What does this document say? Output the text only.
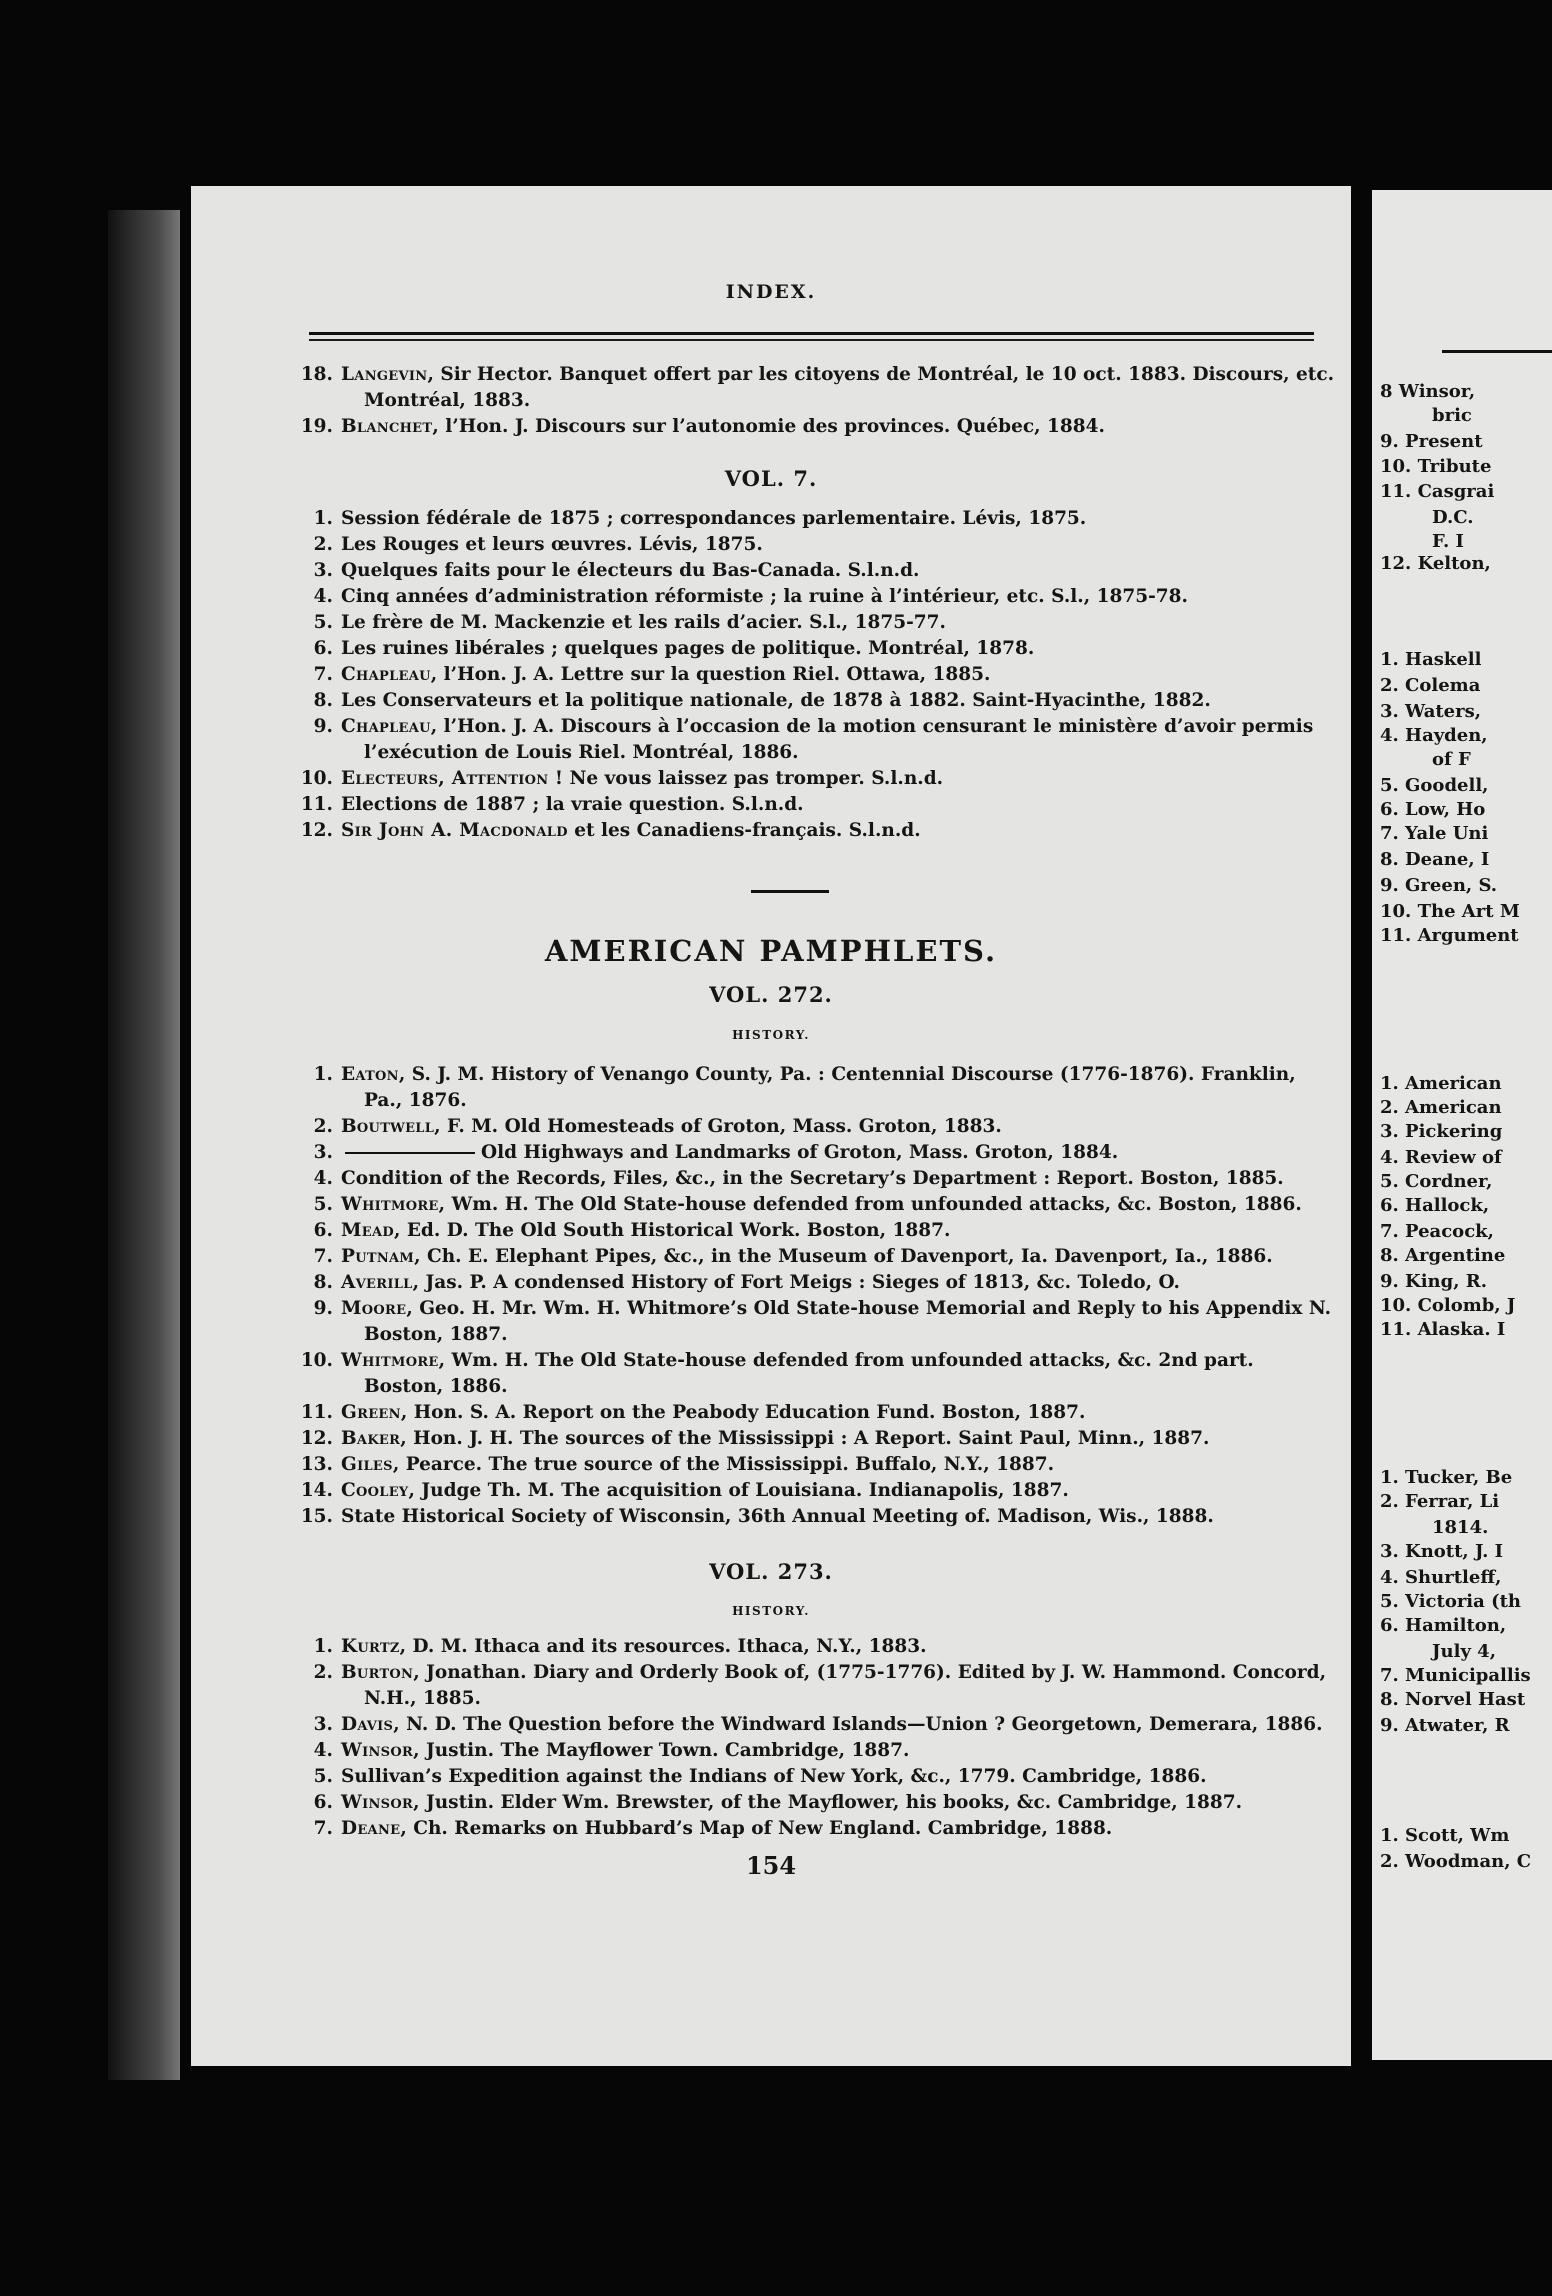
INDEX.
18. Langevin, Sir Hector. Banquet offert par les citoyens de Montréal, le 10 oct. 1883. Discours, etc.
Montréal, 1883.
19. Blanchet, l’Hon. J. Discours sur l’autonomie des provinces. Québec, 1884.
VOL. 7.
1. Session fédérale de 1875 ; correspondances parlementaire. Lévis, 1875.
2. Les Rouges et leurs œuvres. Lévis, 1875.
3. Quelques faits pour le électeurs du Bas-Canada. S.l.n.d.
4. Cinq années d’administration réformiste ; la ruine à l’intérieur, etc. S.l., 1875-78.
5. Le frère de M. Mackenzie et les rails d’acier. S.l., 1875-77.
6. Les ruines libérales ; quelques pages de politique. Montréal, 1878.
7. Chapleau, l’Hon. J. A. Lettre sur la question Riel. Ottawa, 1885.
8. Les Conservateurs et la politique nationale, de 1878 à 1882. Saint-Hyacinthe, 1882.
9. Chapleau, l’Hon. J. A. Discours à l’occasion de la motion censurant le ministère d’avoir permis
l’exécution de Louis Riel. Montréal, 1886.
10. Electeurs, Attention ! Ne vous laissez pas tromper. S.l.n.d.
11. Elections de 1887 ; la vraie question. S.l.n.d.
12. Sir John A. Macdonald et les Canadiens-français. S.l.n.d.
AMERICAN PAMPHLETS.
VOL. 272.
HISTORY.
1. Eaton, S. J. M. History of Venango County, Pa. : Centennial Discourse (1776-1876). Franklin,
Pa., 1876.
2. Boutwell, F. M. Old Homesteads of Groton, Mass. Groton, 1883.
3.	Old Highways and Landmarks of Groton, Mass. Groton, 1884.
4. Condition of the Records, Files, &c., in the Secretary’s Department : Report. Boston, 1885.
5. Whitmore, Wm. H. The Old State-house defended from unfounded attacks, &c. Boston, 1886.
6. Mead, Ed. D. The Old South Historical Work. Boston, 1887.
7. Putnam, Ch. E. Elephant Pipes, &c., in the Museum of Davenport, Ia. Davenport, Ia., 1886.
8. Averill, Jas. P. A condensed History of Fort Meigs : Sieges of 1813, &c. Toledo, O.
9. Moore, Geo. H. Mr. Wm. H. Whitmore’s Old State-house Memorial and Reply to his Appendix N.
Boston, 1887.
10. Whitmore, Wm. H. The Old State-house defended from unfounded attacks, &c. 2nd part.
Boston, 1886.
11. Green, Hon. S. A. Report on the Peabody Education Fund. Boston, 1887.
12. Baker, Hon. J. H. The sources of the Mississippi : A Report. Saint Paul, Minn., 1887.
13. Giles, Pearce. The true source of the Mississippi. Buffalo, N.Y., 1887.
14. Cooley, Judge Th. M. The acquisition of Louisiana. Indianapolis, 1887.
15. State Historical Society of Wisconsin, 36th Annual Meeting of. Madison, Wis., 1888.
VOL. 273.
HISTORY.
1. Kurtz, D. M. Ithaca and its resources. Ithaca, N.Y., 1883.
2. Burton, Jonathan. Diary and Orderly Book of, (1775-1776). Edited by J. W. Hammond. Concord,
N.H., 1885.
3. Davis, N. D. The Question before the Windward Islands—Union ? Georgetown, Demerara, 1886.
4. Winsor, Justin. The Mayflower Town. Cambridge, 1887.
5. Sullivan’s Expedition against the Indians of New York, &c., 1779. Cambridge, 1886.
6. Winsor, Justin. Elder Wm. Brewster, of the Mayflower, his books, &c. Cambridge, 1887.
7. Deane, Ch. Remarks on Hubbard’s Map of New England. Cambridge, 1888.
154
8 Winsor,
bric
9. Present
10. Tribute
11. Casgrai
D.C.
F. I
12. Kelton,
1. Haskell
2. Colema
3. Waters,
4. Hayden,
of F
5. Goodell,
6. Low, Ho
7. Yale Uni
8. Deane, I
9. Green, S.
10. The Art M
11. Argument
1. American
2. American
3. Pickering
4. Review of
5. Cordner,
6. Hallock,
7. Peacock,
8. Argentine
9. King, R.
10. Colomb, J
11. Alaska. I
1. Tucker, Be
2. Ferrar, Li
1814.
3. Knott, J. I
4. Shurtleff,
5. Victoria (th
6. Hamilton,
July 4,
7. Municipallis
8. Norvel Hast
9. Atwater, R
1. Scott, Wm
2. Woodman, C
